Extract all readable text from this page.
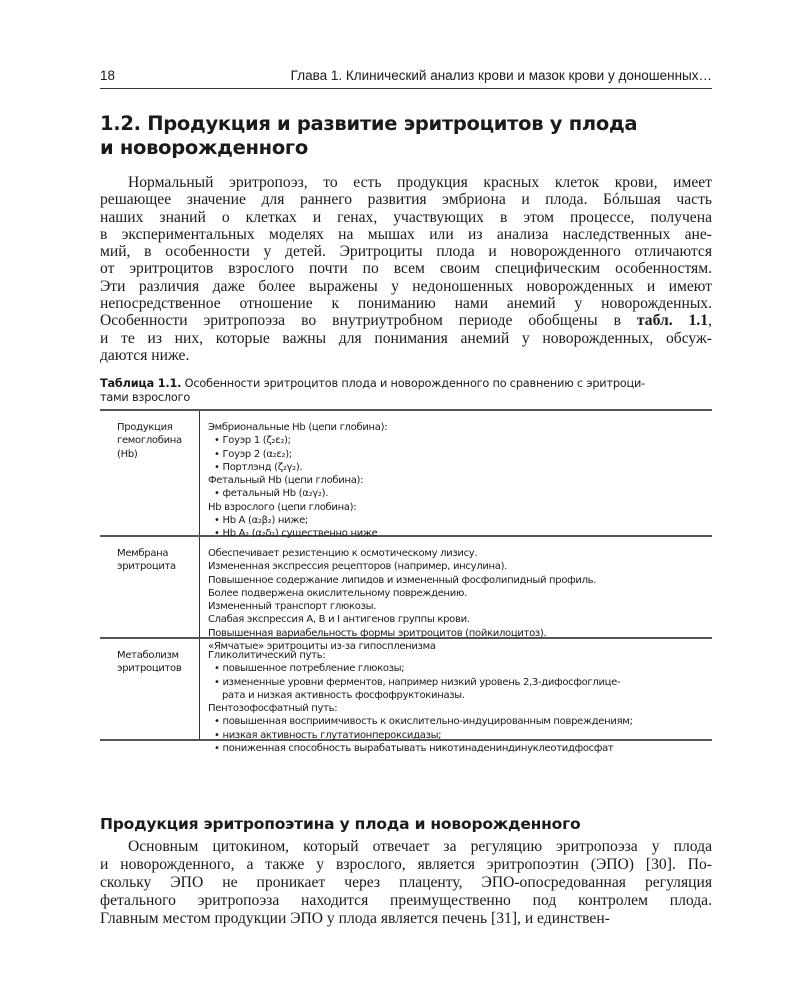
18	Глава 1. Клинический анализ крови и мазок крови у доношенных…
1.2. Продукция и развитие эритроцитов у плода
и новорожденного
Нормальный эритропоэз, то есть продукция красных клеток крови, имеет
решающее значение для раннего развития эмбриона и плода. Бóльшая часть
наших знаний о клетках и генах, участвующих в этом процессе, получена
в экспериментальных моделях на мышах или из анализа наследственных ане-
мий, в особенности у детей. Эритроциты плода и новорожденного отличаются
от эритроцитов взрослого почти по всем своим специфическим особенностям.
Эти различия даже более выражены у недоношенных новорожденных и имеют
непосредственное отношение к пониманию нами анемий у новорожденных.
Особенности эритропоэза во внутриутробном периоде обобщены в табл. 1.1,
и те из них, которые важны для понимания анемий у новорожденных, обсуж-
даются ниже.
Таблица 1.1. Особенности эритроцитов плода и новорожденного по сравнению с эритроци-
тами взрослого
Продукция
гемоглобина
(Hb)
Эмбриональные Hb (цепи глобина):
• Гоуэр 1 (ζ₂ε₂);
• Гоуэр 2 (α₂ε₂);
• Портлэнд (ζ₂γ₂).
Фетальный Hb (цепи глобина):
• фетальный Hb (α₂γ₂).
Hb взрослого (цепи глобина):
• Hb A (α₂β₂) ниже;
• Hb A₂ (α₂δ₂) существенно ниже
Мембрана
эритроцита
Обеспечивает резистенцию к осмотическому лизису.
Измененная экспрессия рецепторов (например, инсулина).
Повышенное содержание липидов и измененный фосфолипидный профиль.
Более подвержена окислительному повреждению.
Измененный транспорт глюкозы.
Слабая экспрессия A, B и I антигенов группы крови.
Повышенная вариабельность формы эритроцитов (пойкилоцитоз).
«Ямчатые» эритроциты из-за гипоспленизма
Метаболизм
эритроцитов
Гликолитический путь:
• повышенное потребление глюкозы;
• измененные уровни ферментов, например низкий уровень 2,3-дифосфоглице-
рата и низкая активность фосфофруктокиназы.
Пентозофосфатный путь:
• повышенная восприимчивость к окислительно-индуцированным повреждениям;
• низкая активность глутатионпероксидазы;
• пониженная способность вырабатывать никотинадениндинуклеотидфосфат
Продукция эритропоэтина у плода и новорожденного
Основным цитокином, который отвечает за регуляцию эритропоэза у плода
и новорожденного, а также у взрослого, является эритропоэтин (ЭПО) [30]. По-
скольку ЭПО не проникает через плаценту, ЭПО-опосредованная регуляция
фетального эритропоэза находится преимущественно под контролем плода.
Главным местом продукции ЭПО у плода является печень [31], и единствен-
